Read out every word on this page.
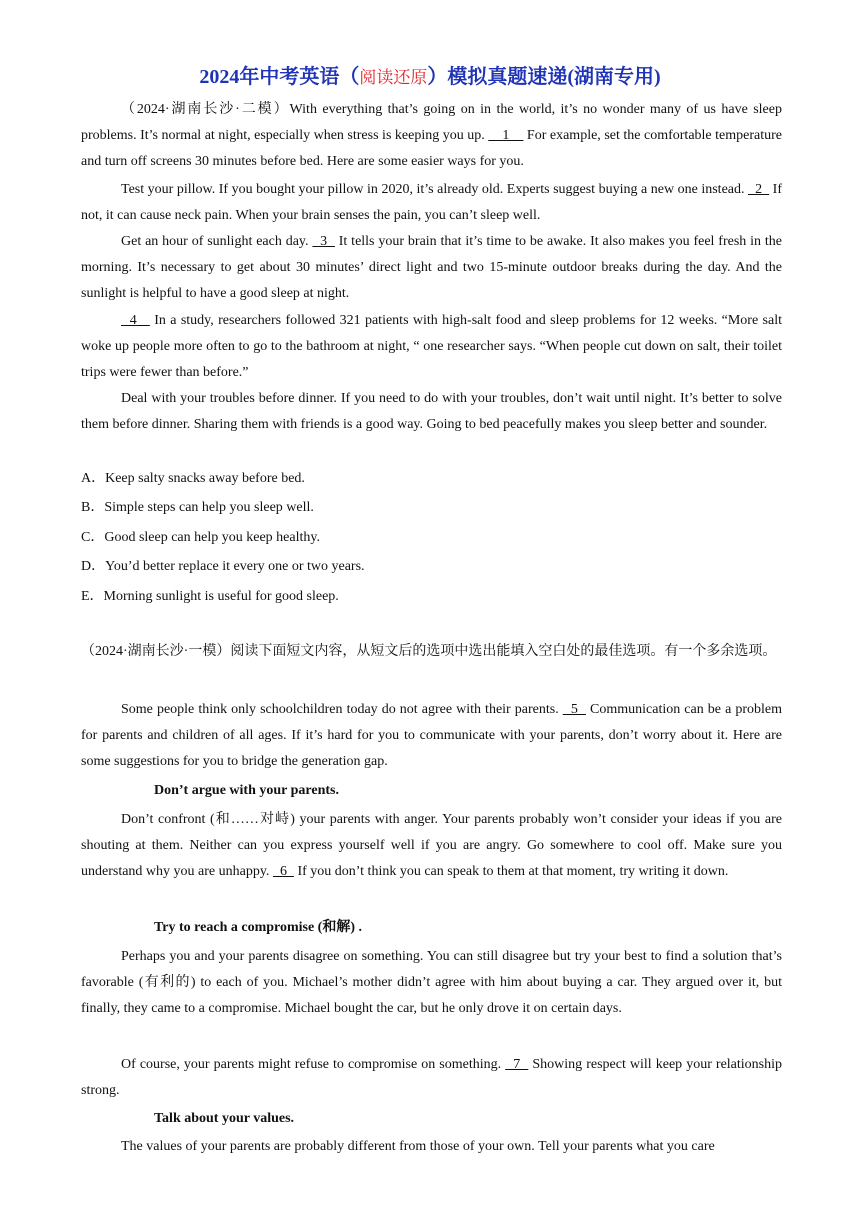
2024年中考英语（阅读还原）模拟真题速递(湖南专用)

（2024·湖南长沙·二模）With everything that’s going on in the world, it’s no wonder many of us have sleep problems. It’s normal at night, especially when stress is keeping you up.     1     For example, set the comfortable temperature and turn off screens 30 minutes before bed. Here are some easier ways for you.

Test your pillow. If you bought your pillow in 2020, it’s already old. Experts suggest buying a new one instead.   2   If not, it can cause neck pain. When your brain senses the pain, you can’t sleep well.

Get an hour of sunlight each day.   3   It tells your brain that it’s time to be awake. It also makes you feel fresh in the morning. It’s necessary to get about 30 minutes’ direct light and two 15-minute outdoor breaks during the day. And the sunlight is helpful to have a good sleep at night.

4    In a study, researchers followed 321 patients with high-salt food and sleep problems for 12 weeks. “More salt woke up people more often to go to the bathroom at night, “ one researcher says. “When people cut down on salt, their toilet trips were fewer than before.”

Deal with your troubles before dinner. If you need to do with your troubles, don’t wait until night. It’s better to solve them before dinner. Sharing them with friends is a good way. Going to bed peacefully makes you sleep better and sounder.

A．Keep salty snacks away before bed.
B．Simple steps can help you sleep well.
C．Good sleep can help you keep healthy.
D．You’d better replace it every one or two years.
E．Morning sunlight is useful for good sleep.

（2024·湖南长沙·一模）阅读下面短文内容，从短文后的选项中选出能填入空白处的最佳选项。有一个多余选项。

Some people think only schoolchildren today do not agree with their parents.   5   Communication can be a problem for parents and children of all ages. If it’s hard for you to communicate with your parents, don’t worry about it. Here are some suggestions for you to bridge the generation gap.

Don’t argue with your parents.

Don’t confront (和……对峙) your parents with anger. Your parents probably won’t consider your ideas if you are shouting at them. Neither can you express yourself well if you are angry. Go somewhere to cool off. Make sure you understand why you are unhappy.   6   If you don’t think you can speak to them at that moment, try writing it down.

Try to reach a compromise (和解) .

Perhaps you and your parents disagree on something. You can still disagree but try your best to find a solution that’s favorable (有利的) to each of you. Michael’s mother didn’t agree with him about buying a car. They argued over it, but finally, they came to a compromise. Michael bought the car, but he only drove it on certain days.

Of course, your parents might refuse to compromise on something.   7   Showing respect will keep your relationship strong.

Talk about your values.

The values of your parents are probably different from those of your own. Tell your parents what you care
